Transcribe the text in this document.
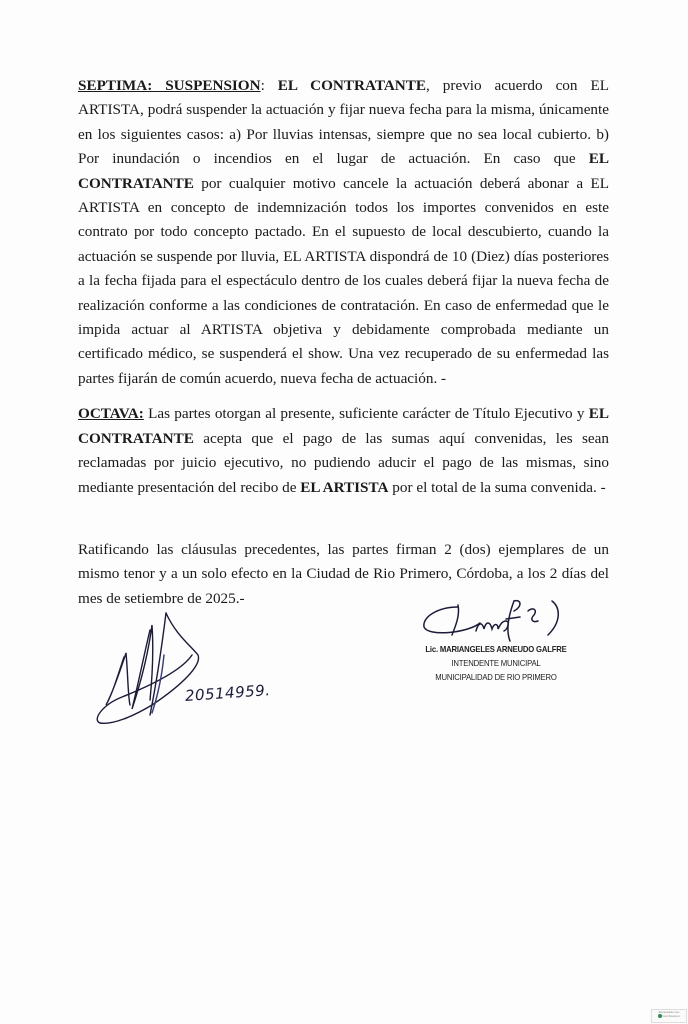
SEPTIMA: SUSPENSION: EL CONTRATANTE, previo acuerdo con EL ARTISTA, podrá suspender la actuación y fijar nueva fecha para la misma, únicamente en los siguientes casos: a) Por lluvias intensas, siempre que no sea local cubierto. b) Por inundación o incendios en el lugar de actuación. En caso que EL CONTRATANTE por cualquier motivo cancele la actuación deberá abonar a EL ARTISTA en concepto de indemnización todos los importes convenidos en este contrato por todo concepto pactado. En el supuesto de local descubierto, cuando la actuación se suspende por lluvia, EL ARTISTA dispondrá de 10 (Diez) días posteriores a la fecha fijada para el espectáculo dentro de los cuales deberá fijar la nueva fecha de realización conforme a las condiciones de contratación. En caso de enfermedad que le impida actuar al ARTISTA objetiva y debidamente comprobada mediante un certificado médico, se suspenderá el show. Una vez recuperado de su enfermedad las partes fijarán de común acuerdo, nueva fecha de actuación. -

OCTAVA: Las partes otorgan al presente, suficiente carácter de Título Ejecutivo y EL CONTRATANTE acepta que el pago de las sumas aquí convenidas, les sean reclamadas por juicio ejecutivo, no pudiendo aducir el pago de las mismas, sino mediante presentación del recibo de EL ARTISTA por el total de la suma convenida. -

Ratificando las cláusulas precedentes, las partes firman 2 (dos) ejemplares de un mismo tenor y a un solo efecto en la Ciudad de Rio Primero, Córdoba, a los 2 días del mes de setiembre de 2025.-

20514959.
Lic. MARIANGELES ARNEUDO GALFRE
INTENDENTE MUNICIPAL
MUNICIPALIDAD DE RIO PRIMERO
Escaneado con
CamScanner
